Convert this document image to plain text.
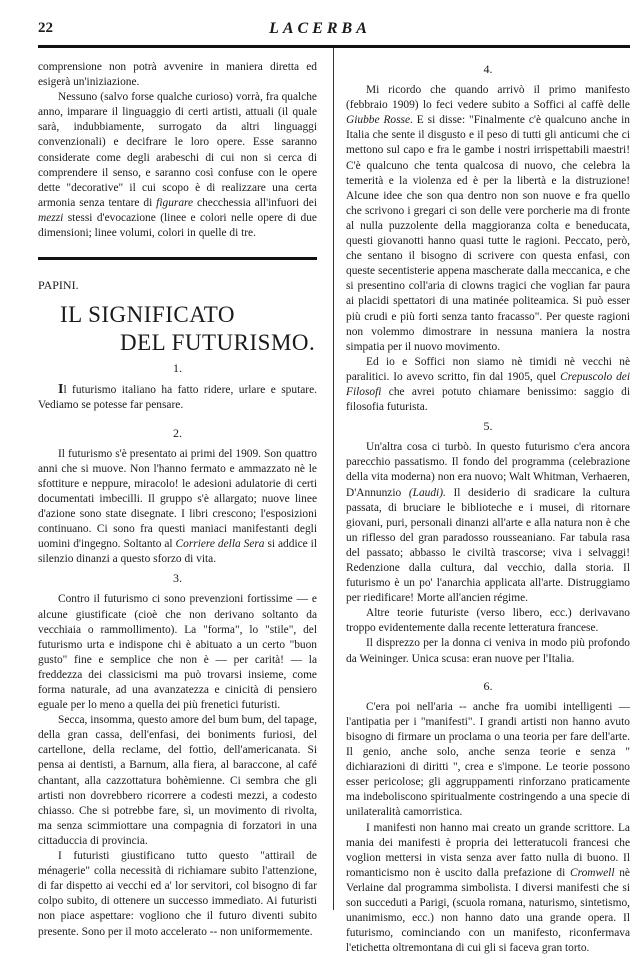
22	LACERBA

comprensione non potrà avvenire in maniera diretta ed esigerà un'iniziazione.

Nessuno (salvo forse qualche curioso) vorrà, fra qualche anno, imparare il linguaggio di certi artisti, attuali (il quale sarà, indubbiamente, surrogato da altri linguaggi convenzionali) e decifrare le loro opere. Esse saranno considerate come degli arabeschi di cui non si cerca di comprendere il senso, e saranno così confuse con le opere dette "decorative" il cui scopo è di realizzare una certa armonia senza tentare di figurare checchessia all'infuori dei mezzi stessi d'evocazione (linee e colori nelle opere di due dimensioni; linee volumi, colori in quelle di tre.

PAPINI.
IL SIGNIFICATO
DEL FUTURISMO.
1.

Il futurismo italiano ha fatto ridere, urlare e sputare. Vediamo se potesse far pensare.

2.

Il futurismo s'è presentato ai primi del 1909. Son quattro anni che si muove. Non l'hanno fermato e ammazzato nè le sfottiture e neppure, miracolo! le adesioni adulatorie di certi documentati imbecilli. Il gruppo s'è allargato; nuove linee d'azione sono state disegnate. I libri crescono; l'esposizioni continuano. Ci sono fra questi maniaci manifestanti degli uomini d'ingegno. Soltanto al Corriere della Sera si addice il silenzio dinanzi a questo sforzo di vita.

3.

Contro il futurismo ci sono prevenzioni fortissime — e alcune giustificate (cioè che non derivano soltanto da vecchiaia o rammollimento). La "forma", lo "stile", del futurismo urta e indispone chi è abituato a un certo "buon gusto" fine e semplice che non è — per carità! — la freddezza dei classicismi ma può trovarsi insieme, come forma naturale, ad una avanzatezza e cinicità di pensiero eguale per lo meno a quella dei più frenetici futuristi.

Secca, insomma, questo amore del bum bum, del tapage, della gran cassa, dell'enfasi, dei boniments furiosi, del cartellone, della reclame, del fottìo, dell'americanata. Si pensa ai dentisti, a Barnum, alla fiera, al baraccone, al café chantant, alla cazzottatura bohèmienne. Ci sembra che gli artisti non dovrebbero ricorrere a codesti mezzi, a codesto chiasso. Che si potrebbe fare, sì, un movimento di rivolta, ma senza scimmiottare una compagnia di forzatori in una cittaduccia di provincia.

I futuristi giustificano tutto questo "attirail de ménagerie" colla necessità di richiamare subito l'attenzione, di far dispetto ai vecchi ed a' lor servitori, col bisogno di far colpo subito, di ottenere un successo immediato. Ai futuristi non piace aspettare: vogliono che il futuro diventi subito presente. Sono per il moto accelerato -- non uniformemente.

4.

Mi ricordo che quando arrivò il primo manifesto (febbraio 1909) lo feci vedere subito a Soffici al caffè delle Giubbe Rosse. E si disse: "Finalmente c'è qualcuno anche in Italia che sente il disgusto e il peso di tutti gli anticumi che ci mettono sul capo e fra le gambe i nostri irrispettabili maestri! C'è qualcuno che tenta qualcosa di nuovo, che celebra la temerità e la violenza ed è per la libertà e la distruzione! Alcune idee che son qua dentro non son nuove e fra quello che scrivono i gregari ci son delle vere porcherie ma di fronte al nulla puzzolente della maggioranza colta e beneducata, questi giovanotti hanno quasi tutte le ragioni. Peccato, però, che sentano il bisogno di scrivere con questa enfasi, con queste secentisterie appena mascherate dalla meccanica, e che si presentino coll'aria di clowns tragici che voglian far paura ai placidi spettatori di una matinée politeamica. Si può esser più crudi e più forti senza tanto fracasso". Per queste ragioni non volemmo dimostrare in nessuna maniera la nostra simpatia per il nuovo movimento.

Ed io e Soffici non siamo nè timidi nè vecchi nè paralitici. Io avevo scritto, fin dal 1905, quel Crepuscolo dei Filosofi che avrei potuto chiamare benissimo: saggio di filosofia futurista.

5.

Un'altra cosa ci turbò. In questo futurismo c'era ancora parecchio passatismo. Il fondo del programma (celebrazione della vita moderna) non era nuovo; Walt Whitman, Verhaeren, D'Annunzio (Laudi). Il desiderio di sradicare la cultura passata, di bruciare le biblioteche e i musei, di ritornare giovani, puri, personali dinanzi all'arte e alla natura non è che un riflesso del gran paradosso rousseaniano. Far tabula rasa del passato; abbasso le civiltà trascorse; viva i selvaggi! Redenzione dalla cultura, dal vecchio, dalla storia. Il futurismo è un po' l'anarchia applicata all'arte. Distruggiamo per riedificare! Morte all'ancien régime.

Altre teorie futuriste (verso libero, ecc.) derivavano troppo evidentemente dalla recente letteratura francese.

Il disprezzo per la donna ci veniva in modo più profondo da Weininger. Unica scusa: eran nuove per l'Italia.

6.

C'era poi nell'aria -- anche fra uomibi intelligenti — l'antipatia per i "manifesti". I grandi artisti non hanno avuto bisogno di firmare un proclama o una teoria per fare dell'arte. Il genio, anche solo, anche senza teorie e senza " dichiarazioni di diritti ", crea e s'impone. Le teorie possono esser pericolose; gli aggruppamenti rinforzano praticamente ma indeboliscono spiritualmente costringendo a una specie di unilateralità camorristica.

I manifesti non hanno mai creato un grande scrittore. La mania dei manifesti è propria dei letteratucoli francesi che voglion mettersi in vista senza aver fatto nulla di buono. Il romanticismo non è uscito dalla prefazione di Cromwell nè Verlaine dal programma simbolista. I diversi manifesti che si son succeduti a Parigi, (scuola romana, naturismo, sintetismo, unanimismo, ecc.) non hanno dato una grande opera. Il futurismo, cominciando con un manifesto, riconfermava l'etichetta oltremontana di cui gli si faceva gran torto.
